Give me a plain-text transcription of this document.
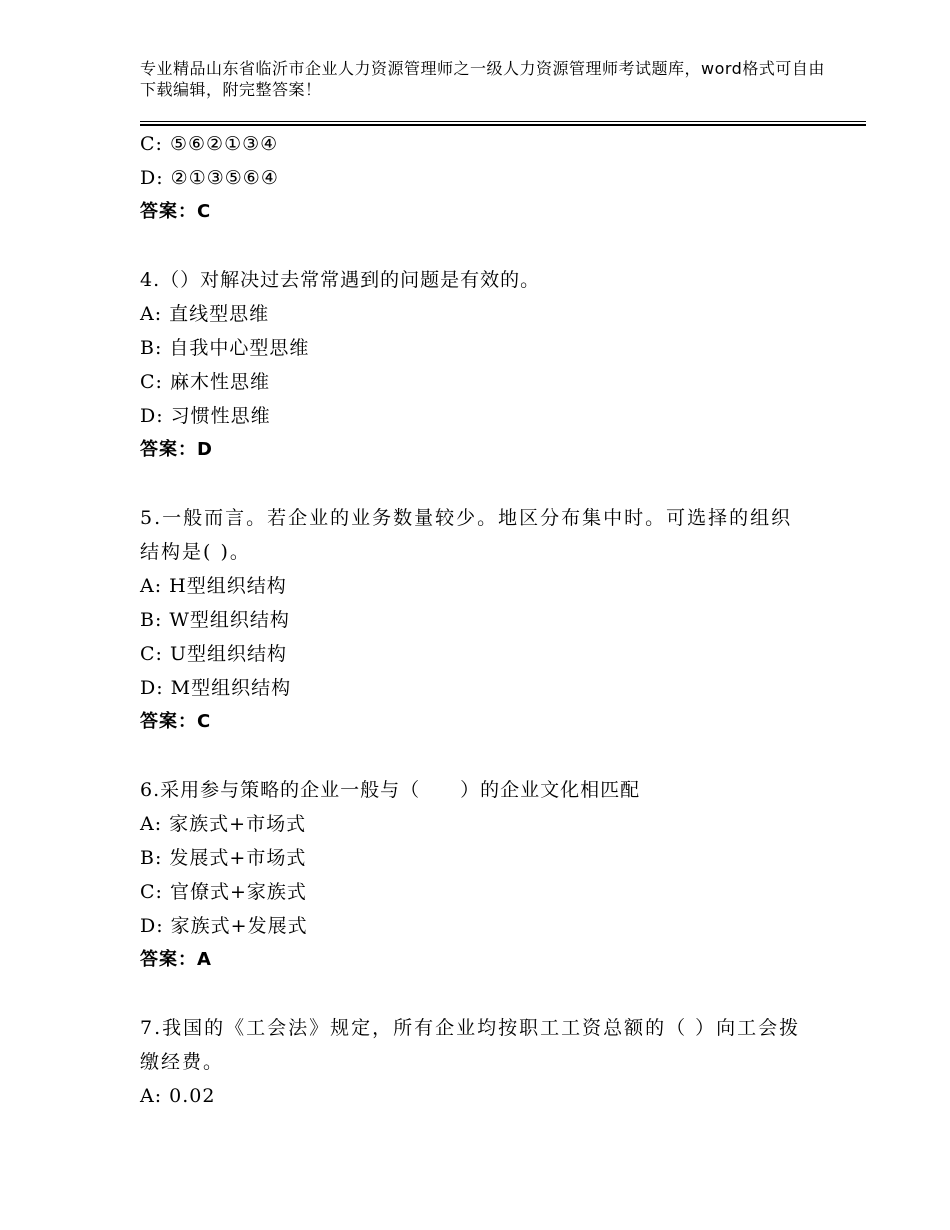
专业精品山东省临沂市企业人力资源管理师之一级人力资源管理师考试题库，word格式可自由下载编辑，附完整答案！
C: ⑤⑥②①③④
D: ②①③⑤⑥④
答案：C
4.（）对解决过去常常遇到的问题是有效的。
A: 直线型思维
B: 自我中心型思维
C: 麻木性思维
D: 习惯性思维
答案：D
5.一般而言。若企业的业务数量较少。地区分布集中时。可选择的组织结构是( )。
A: H型组织结构
B: W型组织结构
C: U型组织结构
D: M型组织结构
答案：C
6.采用参与策略的企业一般与（　　）的企业文化相匹配
A: 家族式+市场式
B: 发展式+市场式
C: 官僚式+家族式
D: 家族式+发展式
答案：A
7.我国的《工会法》规定，所有企业均按职工工资总额的（ ）向工会拨缴经费。
A: 0.02
